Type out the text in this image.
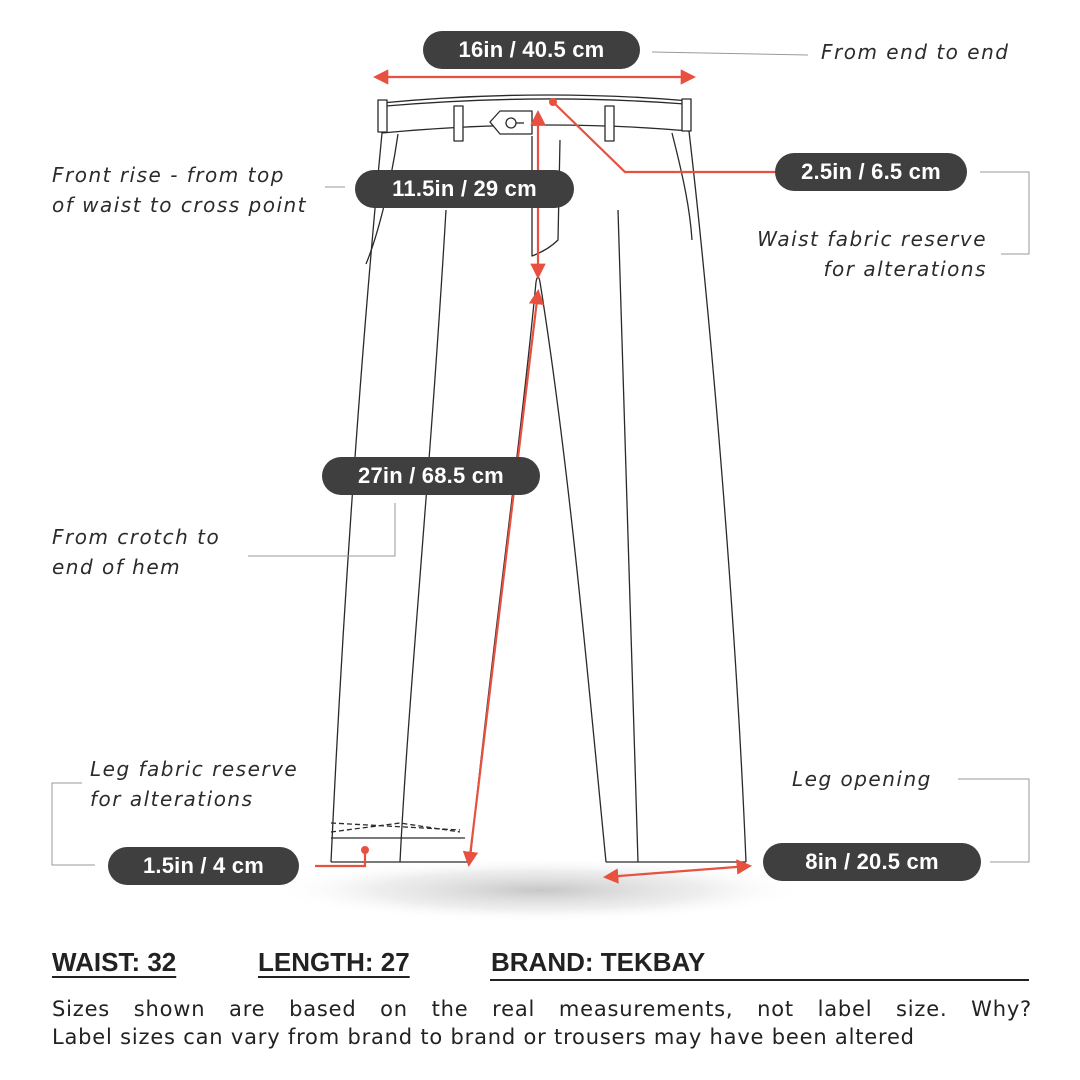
16in / 40.5 cm
2.5in / 6.5 cm
11.5in / 29 cm
27in / 68.5 cm
1.5in / 4 cm	8in / 20.5 cm
From end to end
Front rise - from top
of waist to cross point
Waist fabric reserve
for alterations
From crotch to
end of hem
Leg fabric reserve
for alterations
Leg opening
WAIST: 32	LENGTH: 27	BRAND: TEKBAY
Sizes shown are based on the real measurements, not label size. Why?
Label sizes can vary from brand to brand or trousers may have been altered
